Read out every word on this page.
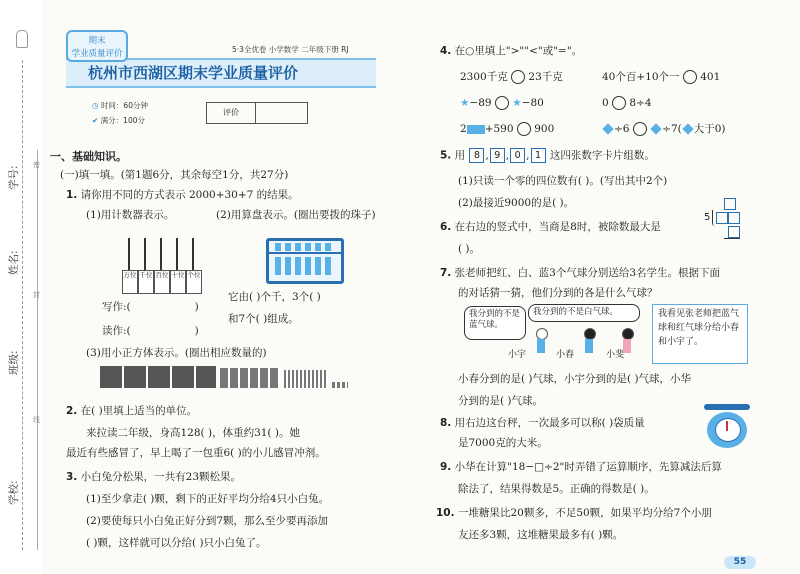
学号:
姓名:
班级:
学校:
密
封
线
期末
学业质量评价	5·3全优卷 小学数学 二年级下册 RJ
杭州市西湖区期末学业质量评价
◷ 时间：60分钟
✔ 满分：100分
评价
一、基础知识。
(一)填一填。(第1题6分，其余每空1分，共27分)
1. 请你用不同的方式表示 2000+30+7 的结果。
(1)用计数器表示。	(2)用算盘表示。(圈出要拨的珠子)
万位 千位 百位 十位 个位
写作:(	)
读作:(	)
它由( )个千，3个( )
和7个( )组成。
(3)用小正方体表示。(圈出相应数量的)
2. 在( )里填上适当的单位。
来拉读二年级，身高128( )，体重约31( )。她
最近有些感冒了，早上喝了一包重6( )的小儿感冒冲剂。
3. 小白兔分松果，一共有23颗松果。
(1)至少拿走( )颗，剩下的正好平均分给4只小白兔。
(2)要使每只小白兔正好分到7颗，那么至少要再添加
( )颗，这样就可以分给( )只小白兔了。
4. 在○里填上">""<"或"="。
2300千克 23千克	40个百+10个一 401
★−89 ★−80	0 8÷4
2 +590 900	÷6	÷7( 大于0)
5. 用 8 , 9 , 0 , 1 这四张数字卡片组数。
(1)只读一个零的四位数有( )。(写出其中2个)
(2)最接近9000的是( )。
6. 在右边的竖式中，当商是8时，被除数最大是
( )。
5
7. 张老师把红、白、蓝3个气球分别送给3名学生。根据下面
的对话猜一猜，他们分到的各是什么气球？
我分到的不是蓝气球。
我分到的不是白气球。	我看见张老师把蓝气球和红气球分给小春和小宇了。
小宇	小春	小斐
小春分到的是( )气球，小宇分到的是( )气球，小华
分到的是( )气球。
8. 用右边这台秤，一次最多可以称( )袋质量
是7000克的大米。
9. 小华在计算"18−□÷2"时弄错了运算顺序，先算减法后算
除法了，结果得数是5。正确的得数是( )。
10. 一堆糖果比20颗多，不足50颗，如果平均分给7个小朋
友还多3颗，这堆糖果最多有( )颗。
55
